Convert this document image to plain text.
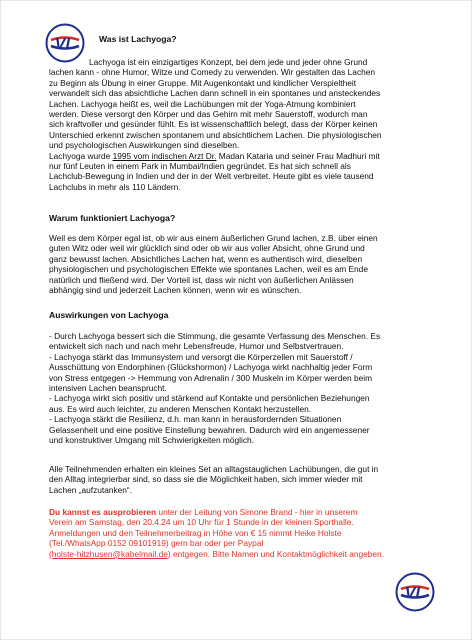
VL	Was ist Lachyoga?
Lachyoga ist ein einzigartiges Konzept, bei dem jede und jeder ohne Grund
lachen kann - ohne Humor, Witze und Comedy zu verwenden. Wir gestalten das Lachen
zu Beginn als Übung in einer Gruppe. Mit Augenkontakt und kindlicher Verspieltheit
verwandelt sich das absichtliche Lachen dann schnell in ein spontanes und ansteckendes
Lachen. Lachyoga heißt es, weil die Lachübungen mit der Yoga-Atmung kombiniert
werden. Diese versorgt den Körper und das Gehirn mit mehr Sauerstoff, wodurch man
sich kraftvoller und gesünder fühlt. Es ist wissenschaftlich belegt, dass der Körper keinen
Unterschied erkennt zwischen spontanem und absichtlichem Lachen. Die physiologischen
und psychologischen Auswirkungen sind dieselben.
Lachyoga wurde 1995 vom indischen Arzt Dr. Madan Kataria und seiner Frau Madhuri mit
nur fünf Leuten in einem Park in Mumbai/Indien gegründet. Es hat sich schnell als
Lachclub-Bewegung in Indien und der in der Welt verbreitet. Heute gibt es viele tausend
Lachclubs in mehr als 110 Ländern.
Warum funktioniert Lachyoga?
Weil es dem Körper egal ist, ob wir aus einem äußerlichen Grund lachen, z.B. über einen
guten Witz oder weil wir glücklich sind oder ob wir aus voller Absicht, ohne Grund und
ganz bewusst lachen. Absichtliches Lachen hat, wenn es authentisch wird, dieselben
physiologischen und psychologischen Effekte wie spontanes Lachen, weil es am Ende
natürlich und fließend wird. Der Vorteil ist, dass wir nicht von äußerlichen Anlässen
abhängig sind und jederzeit Lachen können, wenn wir es wünschen.
Auswirkungen von Lachyoga
- Durch Lachyoga bessert sich die Stimmung, die gesamte Verfassung des Menschen. Es
entwickelt sich nach und nach mehr Lebensfreude, Humor und Selbstvertrauen.
- Lachyoga stärkt das Immunsystem und versorgt die Körperzellen mit Sauerstoff /
Ausschüttung von Endorphinen (Glückshormon) / Lachyoga wirkt nachhaltig jeder Form
von Stress entgegen -> Hemmung von Adrenalin / 300 Muskeln im Körper werden beim
intensiven Lachen beansprucht.
- Lachyoga wirkt sich positiv und stärkend auf Kontakte und persönlichen Beziehungen
aus. Es wird auch leichter, zu anderen Menschen Kontakt herzustellen.
- Lachyoga stärkt die Resilienz, d.h. man kann in herausfordernden Situationen
Gelassenheit und eine positive Einstellung bewahren. Dadurch wird ein angemessener
und konstruktiver Umgang mit Schwierigkeiten möglich.
Alle Teilnehmenden erhalten ein kleines Set an alltagstauglichen Lachübungen, die gut in
den Alltag integrierbar sind, so dass sie die Möglichkeit haben, sich immer wieder mit
Lachen „aufzutanken“.
Du kannst es ausprobieren unter der Leitung von Simone Brand - hier in unserem
Verein am Samstag, den 20.4.24 um 10 Uhr für 1 Stunde in der kleinen Sporthalle.
Anmeldungen und den Teilnehmerbeitrag in Höhe von € 15 nimmt Heike Holste
(Tel./WhatsApp 0152 09101919) gern bar oder per Paypal
(holste-hitzhusen@kabelmail.de) entgegen. Bitte Namen und Kontaktmöglichkeit angeben.
VL
